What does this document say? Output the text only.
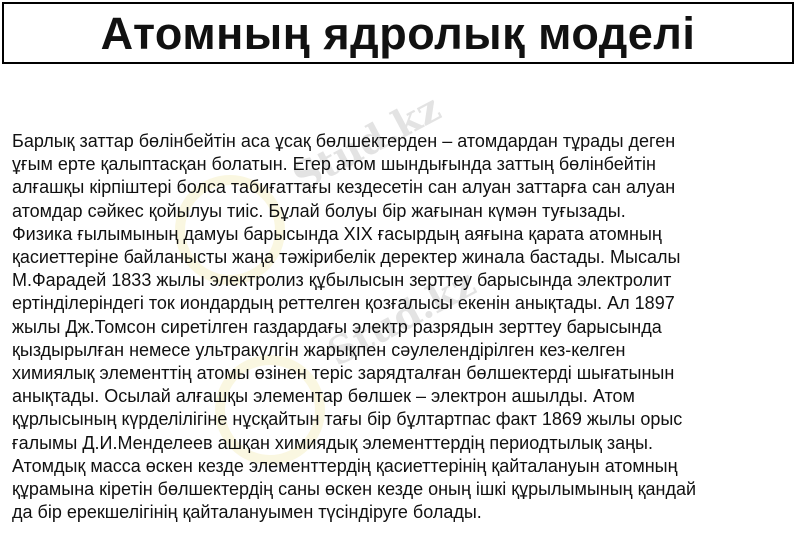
Stud.kz
Stud.kz
Атомның ядролық моделі

Барлық заттар бөлінбейтін аса ұсақ бөлшектерден – атомдардан тұрады деген
ұғым ерте қалыптасқан болатын. Егер атом шындығында заттың бөлінбейтін
алғашқы кірпіштері болса табиғаттағы кездесетін сан алуан заттарға сан алуан
атомдар сәйкес қойылуы тиіс. Бұлай болуы бір жағынан күмән туғызады.
Физика ғылымының дамуы барысында XIX ғасырдың аяғына қарата атомның
қасиеттеріне байланысты жаңа тәжірибелік деректер жинала бастады. Мысалы
М.Фарадей 1833 жылы электролиз құбылысын зерттеу барысында электролит
ертінділеріндегі ток иондардың реттелген қозғалысы екенін анықтады. Ал 1897
жылы Дж.Томсон сиретілген газдардағы электр разрядын зерттеу барысында
қыздырылған немесе ультракүлгін жарықпен сәулелендірілген кез-келген
химиялық элементтің атомы өзінен теріс зарядталған бөлшектерді шығатынын
анықтады. Осылай алғашқы элементар бөлшек – электрон ашылды. Атом
құрлысының күрделілігіне нұсқайтын тағы бір бұлтартпас факт 1869 жылы орыс
ғалымы Д.И.Менделеев ашқан химиядық элементтердің периодтылық заңы.
Атомдық масса өскен кезде элементтердің қасиеттерінің қайталануын атомның
құрамына кіретін бөлшектердің саны өскен кезде оның ішкі құрылымының қандай
да бір ерекшелігінің қайталануымен түсіндіруге болады.
